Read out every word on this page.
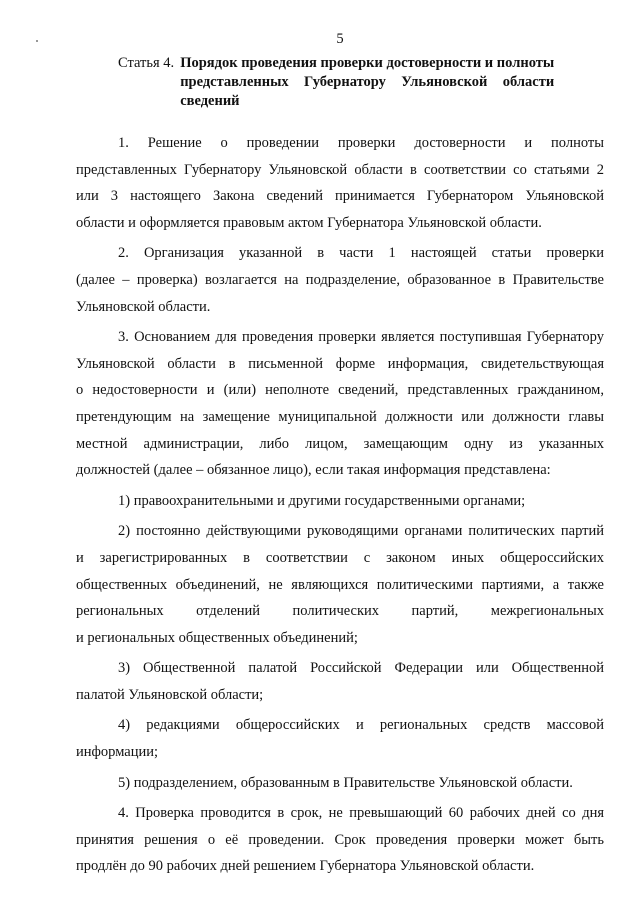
5
Статья 4. Порядок проведения проверки достоверности и полноты
представленных Губернатору Ульяновской области
сведений

1. Решение о проведении проверки достоверности и полноты
представленных Губернатору Ульяновской области в соответствии со статьями 2
или 3 настоящего Закона сведений принимается Губернатором Ульяновской
области и оформляется правовым актом Губернатора Ульяновской области.

2. Организация указанной в части 1 настоящей статьи проверки
(далее – проверка) возлагается на подразделение, образованное в Правительстве
Ульяновской области.

3. Основанием для проведения проверки является поступившая Губернатору
Ульяновской области в письменной форме информация, свидетельствующая
о недостоверности и (или) неполноте сведений, представленных гражданином,
претендующим на замещение муниципальной должности или должности главы
местной администрации, либо лицом, замещающим одну из указанных
должностей (далее – обязанное лицо), если такая информация представлена:

1) правоохранительными и другими государственными органами;

2) постоянно действующими руководящими органами политических партий
и зарегистрированных в соответствии с законом иных общероссийских
общественных объединений, не являющихся политическими партиями, а также
региональных отделений политических партий, межрегиональных
и региональных общественных объединений;

3) Общественной палатой Российской Федерации или Общественной
палатой Ульяновской области;

4) редакциями общероссийских и региональных средств массовой
информации;

5) подразделением, образованным в Правительстве Ульяновской области.

4. Проверка проводится в срок, не превышающий 60 рабочих дней со дня
принятия решения о её проведении. Срок проведения проверки может быть
продлён до 90 рабочих дней решением Губернатора Ульяновской области.
